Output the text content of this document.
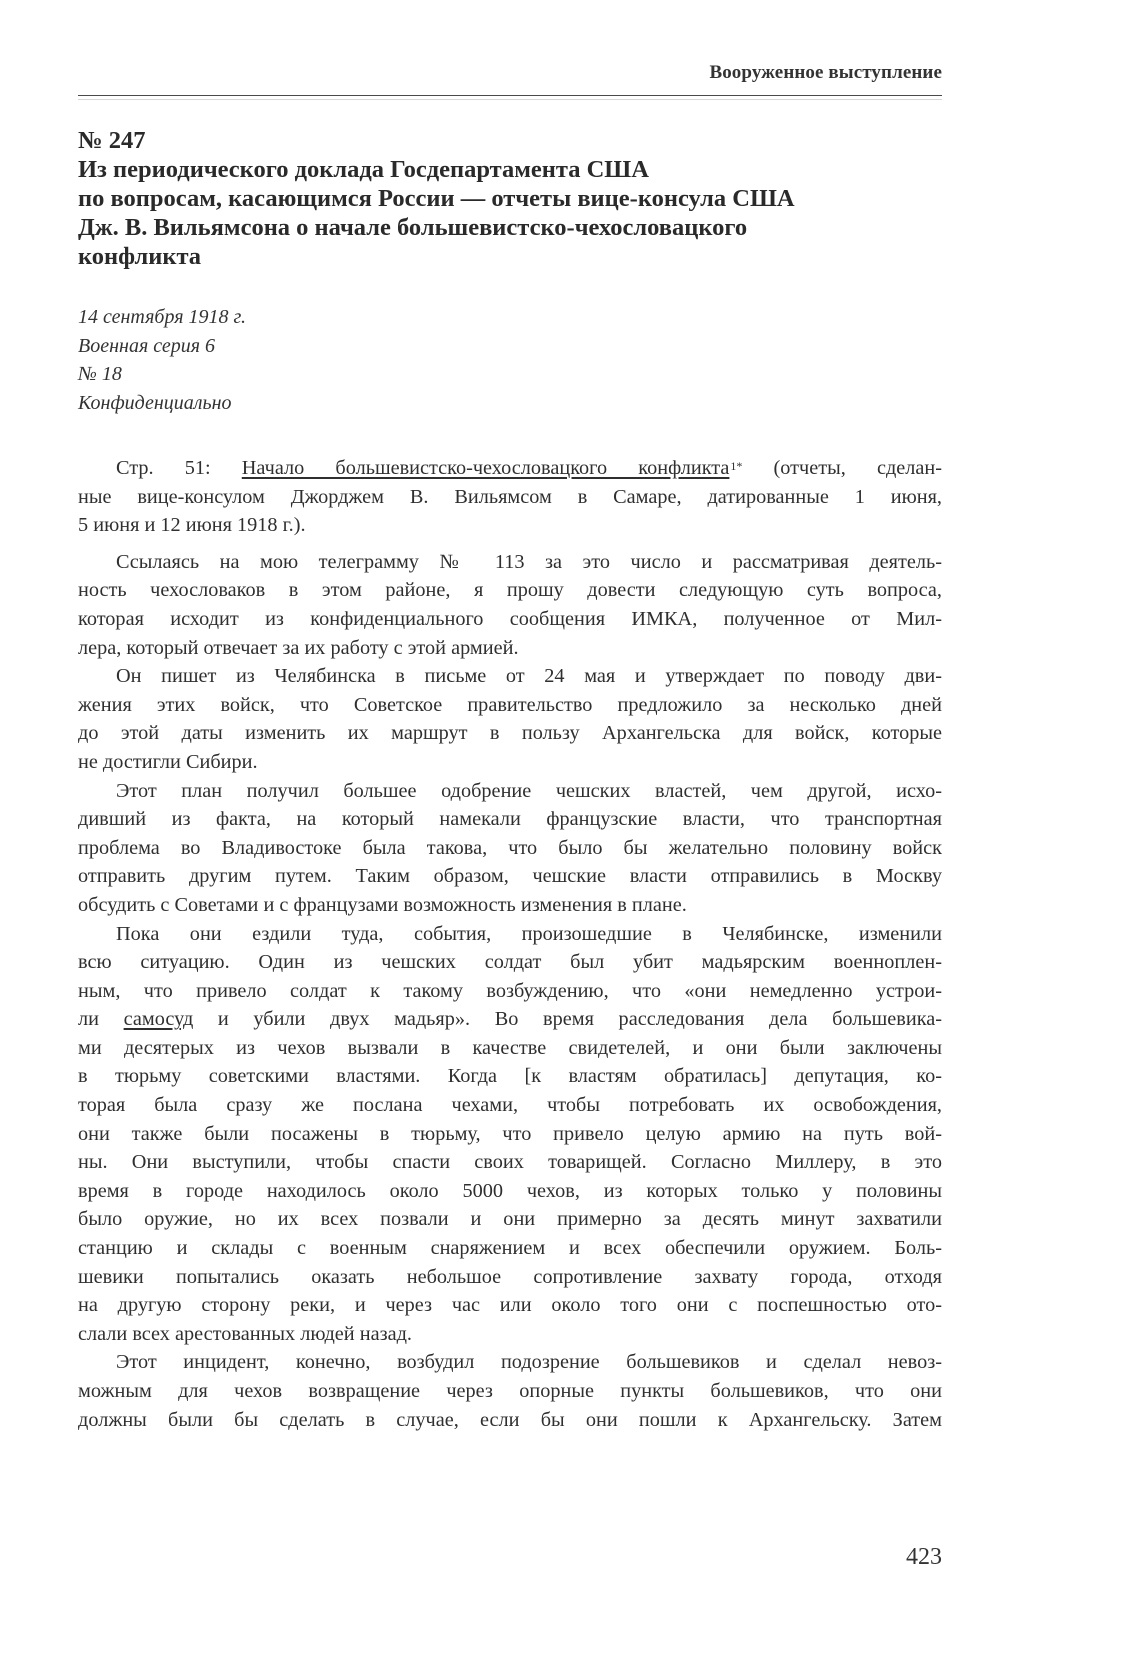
Вооруженное выступление
№ 247
Из периодического доклада Госдепартамента США
по вопросам, касающимся России — отчеты вице-консула США
Дж. В. Вильямсона о начале большевистско-чехословацкого
конфликта
14 сентября 1918 г.
Военная серия 6
№ 18
Конфиденциально
Стр. 51: Начало большевистско-чехословацкого конфликта$^{1*}$ (отчеты, сделан-
ные вице-консулом Джорджем В. Вильямсом в Самаре, датированные 1 июня,
5 июня и 12 июня 1918 г.).
Ссылаясь на мою телеграмму № 113 за это число и рассматривая деятель-
ность чехословаков в этом районе, я прошу довести следующую суть вопроса,
которая исходит из конфиденциального сообщения ИМКА, полученное от Мил-
лера, который отвечает за их работу с этой армией.
Он пишет из Челябинска в письме от 24 мая и утверждает по поводу дви-
жения этих войск, что Советское правительство предложило за несколько дней
до этой даты изменить их маршрут в пользу Архангельска для войск, которые
не достигли Сибири.
Этот план получил большее одобрение чешских властей, чем другой, исхо-
дивший из факта, на который намекали французские власти, что транспортная
проблема во Владивостоке была такова, что было бы желательно половину войск
отправить другим путем. Таким образом, чешские власти отправились в Москву
обсудить с Советами и с французами возможность изменения в плане.
Пока они ездили туда, события, произошедшие в Челябинске, изменили
всю ситуацию. Один из чешских солдат был убит мадьярским военноплен-
ным, что привело солдат к такому возбуждению, что «они немедленно устрои-
ли самосуд и убили двух мадьяр». Во время расследования дела большевика-
ми десятерых из чехов вызвали в качестве свидетелей, и они были заключены
в тюрьму советскими властями. Когда [к властям обратилась] депутация, ко-
торая была сразу же послана чехами, чтобы потребовать их освобождения,
они также были посажены в тюрьму, что привело целую армию на путь вой-
ны. Они выступили, чтобы спасти своих товарищей. Согласно Миллеру, в это
время в городе находилось около 5000 чехов, из которых только у половины
было оружие, но их всех позвали и они примерно за десять минут захватили
станцию и склады с военным снаряжением и всех обеспечили оружием. Боль-
шевики попытались оказать небольшое сопротивление захвату города, отходя
на другую сторону реки, и через час или около того они с поспешностью ото-
слали всех арестованных людей назад.
Этот инцидент, конечно, возбудил подозрение большевиков и сделал невоз-
можным для чехов возвращение через опорные пункты большевиков, что они
должны были бы сделать в случае, если бы они пошли к Архангельску. Затем
423
